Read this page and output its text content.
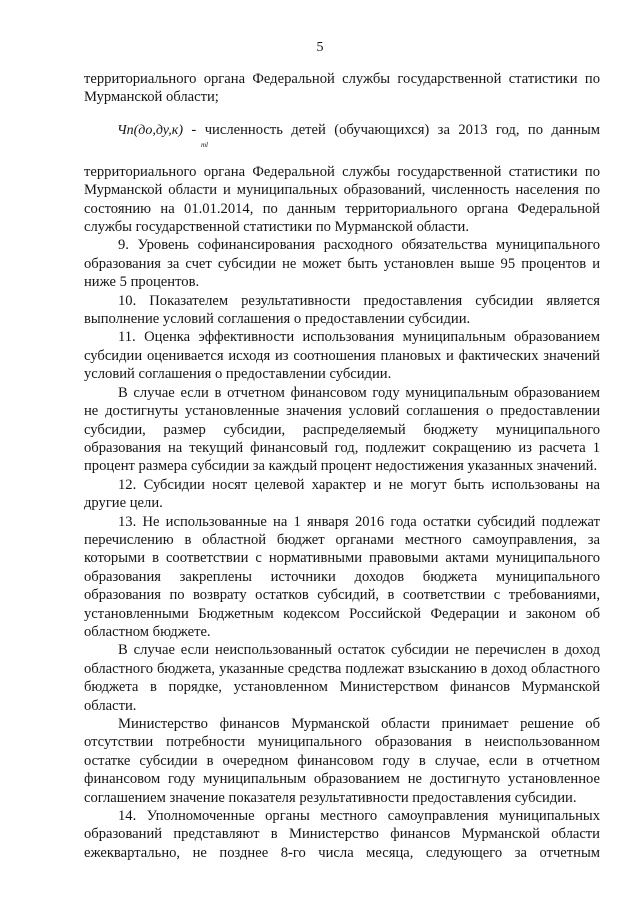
5

территориального органа Федеральной службы государственной статистики по Мурманской области;

Чп(до,ду,к) - численность детей (обучающихся) за 2013 год, по данным
ml

территориального органа Федеральной службы государственной статистики по Мурманской области и муниципальных образований, численность населения по состоянию на 01.01.2014, по данным территориального органа Федеральной службы государственной статистики по Мурманской области.

9. Уровень софинансирования расходного обязательства муниципального образования за счет субсидии не может быть установлен выше 95 процентов и ниже 5 процентов.

10. Показателем результативности предоставления субсидии является выполнение условий соглашения о предоставлении субсидии.

11. Оценка эффективности использования муниципальным образованием субсидии оценивается исходя из соотношения плановых и фактических значений условий соглашения о предоставлении субсидии.

В случае если в отчетном финансовом году муниципальным образованием не достигнуты установленные значения условий соглашения о предоставлении субсидии, размер субсидии, распределяемый бюджету муниципального образования на текущий финансовый год, подлежит сокращению из расчета 1 процент размера субсидии за каждый процент недостижения указанных значений.

12. Субсидии носят целевой характер и не могут быть использованы на другие цели.

13. Не использованные на 1 января 2016 года остатки субсидий подлежат перечислению в областной бюджет органами местного самоуправления, за которыми в соответствии с нормативными правовыми актами муниципального образования закреплены источники доходов бюджета муниципального образования по возврату остатков субсидий, в соответствии с требованиями, установленными Бюджетным кодексом Российской Федерации и законом об областном бюджете.

В случае если неиспользованный остаток субсидии не перечислен в доход областного бюджета, указанные средства подлежат взысканию в доход областного бюджета в порядке, установленном Министерством финансов Мурманской области.

Министерство финансов Мурманской области принимает решение об отсутствии потребности муниципального образования в неиспользованном остатке субсидии в очередном финансовом году в случае, если в отчетном финансовом году муниципальным образованием не достигнуто установленное соглашением значение показателя результативности предоставления субсидии.

14. Уполномоченные органы местного самоуправления муниципальных образований представляют в Министерство финансов Мурманской области ежеквартально, не позднее 8-го числа месяца, следующего за отчетным
